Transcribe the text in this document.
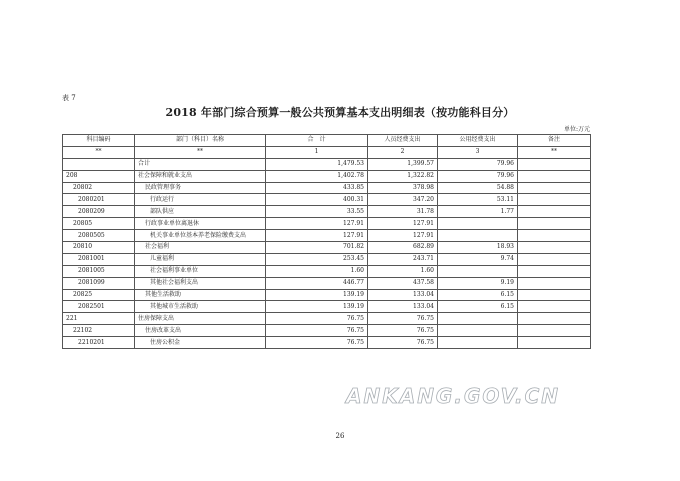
表 7
2018 年部门综合预算一般公共预算基本支出明细表（按功能科目分）
单位:万元
科目编码	部门（科目）名称	合　计	人员经费支出	公用经费支出	备注
**	**	1	2	3	**
	合计	1,479.53	1,399.57	79.96	
208	社会保障和就业支出	1,402.78	1,322.82	79.96	
20802	民政管理事务	433.85	378.98	54.88	
2080201	行政运行	400.31	347.20	53.11	
2080209	部队供应	33.55	31.78	1.77	
20805	行政事业单位离退休	127.91	127.91		
2080505	机关事业单位基本养老保险缴费支出	127.91	127.91		
20810	社会福利	701.82	682.89	18.93	
2081001	儿童福利	253.45	243.71	9.74	
2081005	社会福利事业单位	1.60	1.60		
2081099	其他社会福利支出	446.77	437.58	9.19	
20825	其他生活救助	139.19	133.04	6.15	
2082501	其他城市生活救助	139.19	133.04	6.15	
221	住房保障支出	76.75	76.75		
22102	住房改革支出	76.75	76.75		
2210201	住房公积金	76.75	76.75		
ANKANG.GOV.CN
26
